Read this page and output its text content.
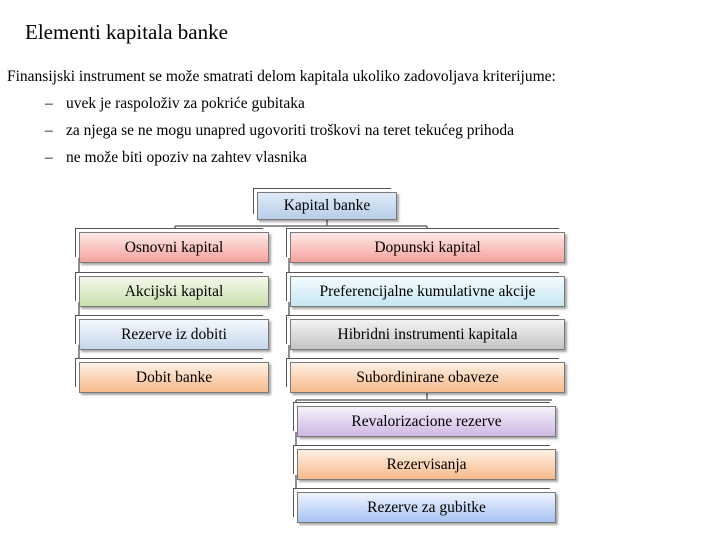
Elementi kapitala banke
Finansijski instrument se može smatrati delom kapitala ukoliko zadovoljava kriterijume:
– uvek je raspoloživ za pokriće gubitaka
– za njega se ne mogu unapred ugovoriti troškovi na teret tekućeg prihoda
– ne može biti opoziv na zahtev vlasnika
Kapital banke
Osnovni kapital
Akcijski kapital
Rezerve iz dobiti
Dobit banke
Dopunski kapital
Preferencijalne kumulativne akcije
Hibridni instrumenti kapitala
Subordinirane obaveze
Revalorizacione rezerve
Rezervisanja
Rezerve za gubitke
